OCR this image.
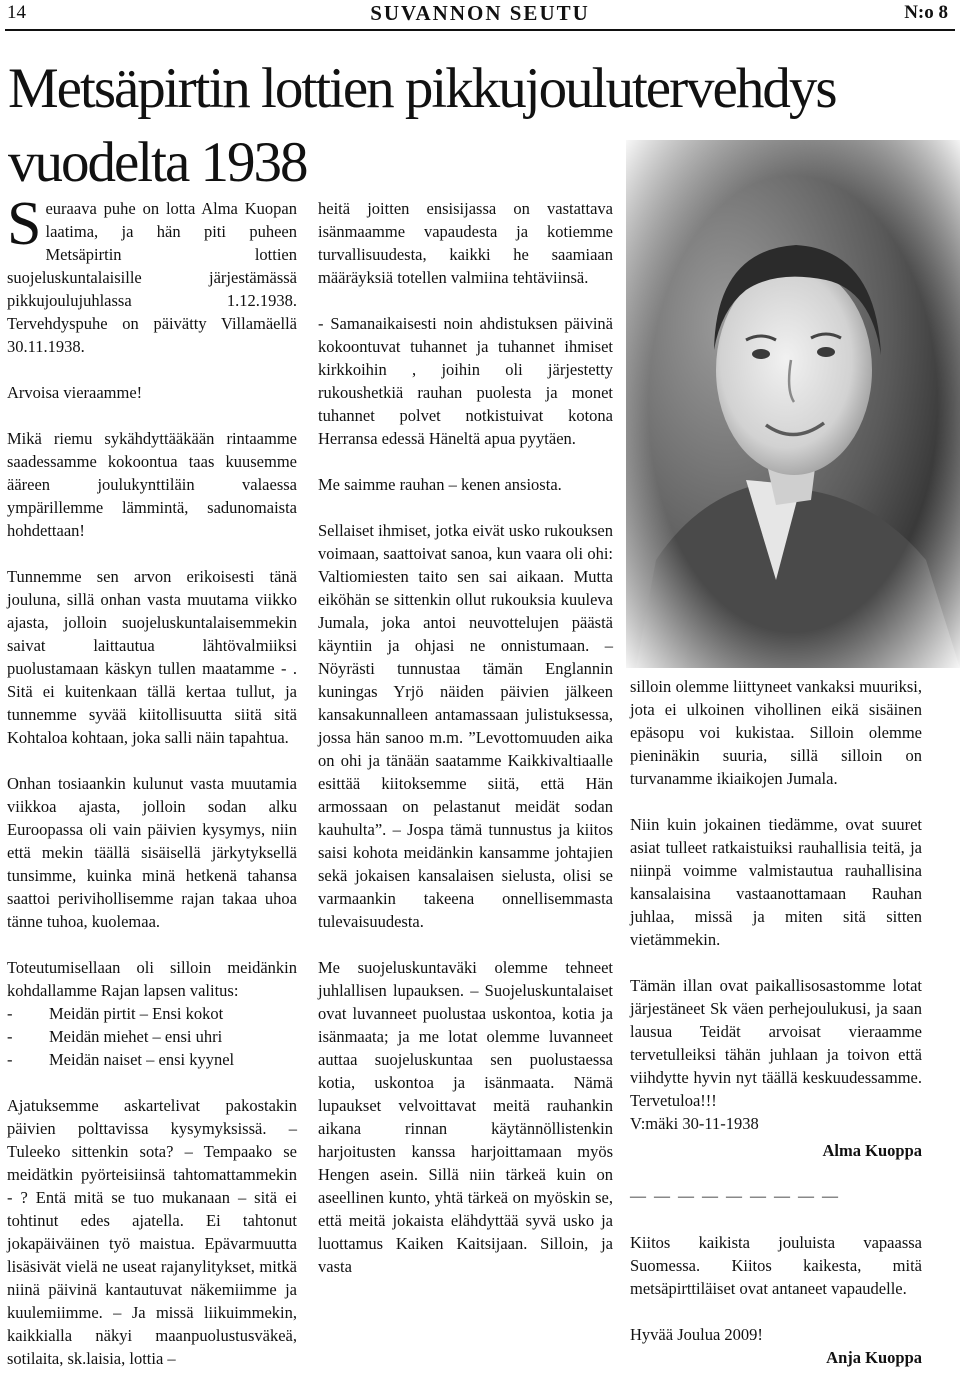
14	SUVANNON SEUTU	N:o 8
Metsäpirtin lottien pikkujoulutervehdys vuodelta 1938

Seuraava puhe on lotta Alma Kuopan laatima, ja hän piti puheen Metsäpirtin lottien suojeluskuntalaisille järjestämässä pikkujoulujuhlassa 1.12.1938. Tervehdyspuhe on päivätty Villamäellä 30.11.1938.

Arvoisa vieraamme!

Mikä riemu sykähdyttääkään rintaamme saadessamme kokoontua taas kuusemme ääreen joulukynttiläin valaessa ympärillemme lämmintä, sadunomaista hohdettaan!

Tunnemme sen arvon erikoisesti tänä jouluna, sillä onhan vasta muutama viikko ajasta, jolloin suojeluskuntalaisemmekin saivat laittautua lähtövalmiiksi puolustamaan käskyn tullen maatamme - . Sitä ei kuitenkaan tällä kertaa tullut, ja tunnemme syvää kiitollisuutta siitä sitä Kohtaloa kohtaan, joka salli näin tapahtua.

Onhan tosiaankin kulunut vasta muutamia viikkoa ajasta, jolloin sodan alku Euroopassa oli vain päivien kysymys, niin että mekin täällä sisäisellä järkytyksellä tunsimme, kuinka minä hetkenä tahansa saattoi perivihollisemme rajan takaa uhoa tänne tuhoa, kuolemaa.

Toteutumisellaan oli silloin meidänkin kohdallamme Rajan lapsen valitus:

-	Meidän pirtit – Ensi kokot
-	Meidän miehet – ensi uhri
-	Meidän naiset – ensi kyynel

Ajatuksemme askartelivat pakostakin päivien polttavissa kysymyksissä. – Tuleeko sittenkin sota? – Tempaako se meidätkin pyörteisiinsä tahtomattammekin - ? Entä mitä se tuo mukanaan – sitä ei tohtinut edes ajatella. Ei tahtonut jokapäiväinen työ maistua. Epävarmuutta lisäsivät vielä ne useat rajanylitykset, mitkä niinä päivinä kantautuvat näkemiimme ja kuulemiimme. – Ja missä liikuimmekin, kaikkialla näkyi maanpuolustusväkeä, sotilaita, sk.laisia, lottia –

heitä joitten ensisijassa on vastattava isänmaamme vapaudesta ja kotiemme turvallisuudesta, kaikki he saamiaan määräyksiä totellen valmiina tehtäviinsä.

- Samanaikaisesti noin ahdistuksen päivinä kokoontuvat tuhannet ja tuhannet ihmiset kirkkoihin , joihin oli järjestetty rukoushetkiä rauhan puolesta ja monet tuhannet polvet notkistuivat kotona Herransa edessä Häneltä apua pyytäen.

Me saimme rauhan – kenen ansiosta.

Sellaiset ihmiset, jotka eivät usko rukouksen voimaan, saattoivat sanoa, kun vaara oli ohi: Valtiomiesten taito sen sai aikaan. Mutta eiköhän se sittenkin ollut rukouksia kuuleva Jumala, joka antoi neuvottelujen päästä käyntiin ja ohjasi ne onnistumaan. – Nöyrästi tunnustaa tämän Englannin kuningas Yrjö näiden päivien jälkeen kansakunnalleen antamassaan julistuksessa, jossa hän sanoo m.m. ”Levottomuuden aika on ohi ja tänään saatamme Kaikkivaltiaalle esittää kiitoksemme siitä, että Hän armossaan on pelastanut meidät sodan kauhulta”. – Jospa tämä tunnustus ja kiitos saisi kohota meidänkin kansamme johtajien sekä jokaisen kansalaisen sielusta, olisi se varmaankin takeena onnellisemmasta tulevaisuudesta.

Me suojeluskuntaväki olemme tehneet juhlallisen lupauksen. – Suojeluskuntalaiset ovat luvanneet puolustaa uskontoa, kotia ja isänmaata; ja me lotat olemme luvanneet auttaa suojeluskuntaa sen puolustaessa kotia, uskontoa ja isänmaata. Nämä lupaukset velvoittavat meitä rauhankin aikana rinnan käytännöllistenkin harjoitusten kanssa harjoittamaan myös Hengen asein. Sillä niin tärkeä kuin on aseellinen kunto, yhtä tärkeä on myöskin se, että meitä jokaista elähdyttää syvä usko ja luottamus Kaiken Kaitsijaan. Silloin, ja vasta

silloin olemme liittyneet vankaksi muuriksi, jota ei ulkoinen vihollinen eikä sisäinen epäsopu voi kukistaa. Silloin olemme pieninäkin suuria, sillä silloin on turvanamme ikiaikojen Jumala.

Niin kuin jokainen tiedämme, ovat suuret asiat tulleet ratkaistuiksi rauhallisia teitä, ja niinpä voimme valmistautua rauhallisina kansalaisina vastaanottamaan Rauhan juhlaa, missä ja miten sitä sitten vietämmekin.

Tämän illan ovat paikallisosastomme lotat järjestäneet Sk väen perhejoulukusi, ja saan lausua Teidät arvoisat vieraamme tervetulleiksi tähän juhlaan ja toivon että viihdytte hyvin nyt täällä keskuudessamme. Tervetuloa!!!

V:mäki 30-11-1938

Alma Kuoppa

— — — — — — — — —

Kiitos kaikista jouluista vapaassa Suomessa. Kiitos kaikesta, mitä metsäpirttiläiset ovat antaneet vapaudelle.

Hyvää Joulua 2009!

Anja Kuoppa
